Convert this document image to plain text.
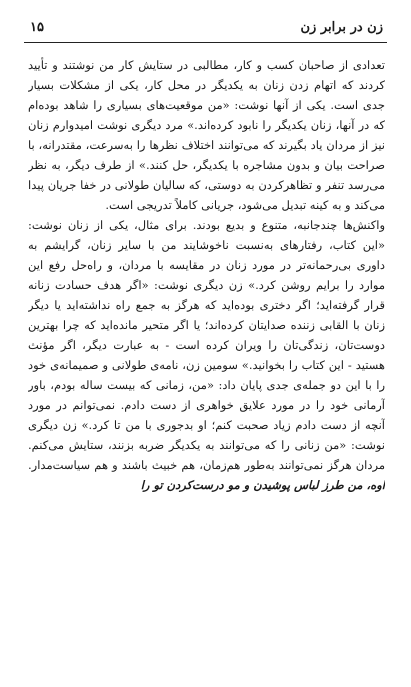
زن در برابر زن
۱۵

تعدادی از صاحبان کسب و کار، مطالبی در ستایش کار من نوشتند و تأیید کردند که اتهام زدن زنان به یکدیگر در محل کار، یکی از مشکلات بسیار جدی است. یکی از آنها نوشت: «من موقعیت‌های بسیاری را شاهد بوده‌ام که در آنها، زنان یکدیگر را نابود کرده‌اند.» مرد دیگری نوشت امیدوارم زنان نیز از مردان یاد بگیرند که می‌توانند اختلاف نظرها را به‌سرعت، مقتدرانه، با صراحت بیان و بدون مشاجره با یکدیگر، حل کنند.» از طرف دیگر، به نظر می‌رسد تنفر و تظاهرکردن به دوستی، که سالیان طولانی در خفا جریان پیدا می‌کند و به کینه تبدیل می‌شود، جریانی کاملاً تدریجی است.

واکنش‌ها چندجانبه، متنوع و بدیع بودند. برای مثال، یکی از زنان نوشت: «این کتاب، رفتارهای به‌نسبت ناخوشایند من با سایر زنان، گرایشم به داوری بی‌رحمانه‌تر در مورد زنان در مقایسه با مردان، و راه‌حل رفع این موارد را برایم روشن کرد.» زن دیگری نوشت: «اگر هدف حسادت زنانه قرار گرفته‌اید؛ اگر دختری بوده‌اید که هرگز به جمع راه نداشته‌اید یا دیگر زنان با القابی زننده صدایتان کرده‌اند؛ یا اگر متحیر مانده‌اید که چرا بهترین دوست‌تان، زندگی‌تان را ویران کرده است - به عبارت دیگر، اگر مؤنث هستید - این کتاب را بخوانید.» سومین زن، نامه‌ی طولانی و صمیمانه‌ی خود را با این دو جمله‌ی جدی پایان داد: «من، زمانی که بیست ساله بودم، باور آرمانی خود را در مورد علایق خواهری از دست دادم. نمی‌توانم در مورد آنچه از دست دادم زیاد صحبت کنم؛ او بدجوری با من تا کرد.» زن دیگری نوشت: «من زنانی را که می‌توانند به یکدیگر ضربه بزنند، ستایش می‌کنم. مردان هرگز نمی‌توانند به‌طور هم‌زمان، هم خبیث باشند و هم سیاست‌مدار. اوه، من طرز لباس پوشیدن و مو درست‌کردن تو را
